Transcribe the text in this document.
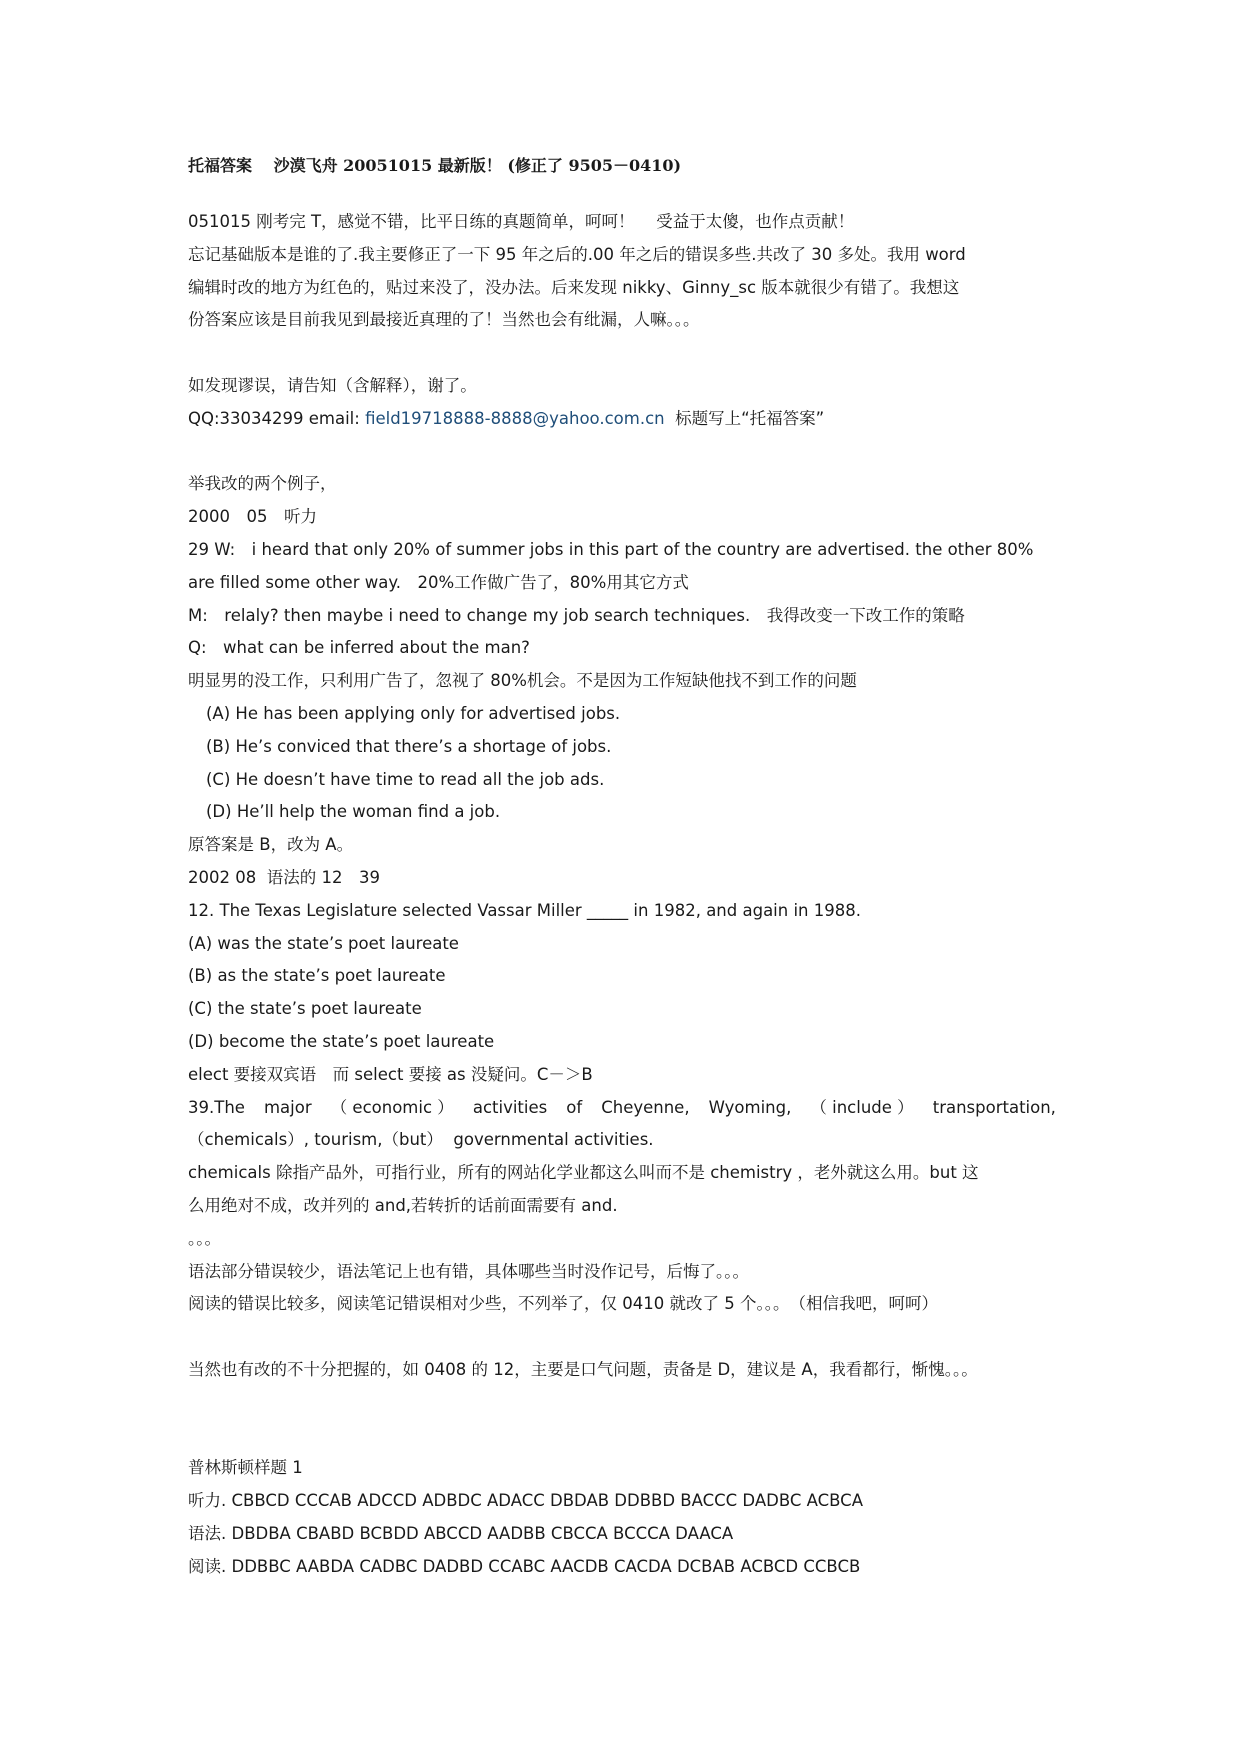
托福答案　 沙漠飞舟 20051015 最新版！ (修正了 9505－0410)
051015 刚考完 T，感觉不错，比平日练的真题简单，呵呵！　 受益于太傻，也作点贡献！
忘记基础版本是谁的了.我主要修正了一下 95 年之后的.00 年之后的错误多些.共改了 30 多处。我用 word
编辑时改的地方为红色的，贴过来没了，没办法。后来发现 nikky、Ginny_sc 版本就很少有错了。我想这
份答案应该是目前我见到最接近真理的了！当然也会有纰漏，人嘛。。。
如发现谬误，请告知（含解释），谢了。
QQ:33034299 email: field19718888-8888@yahoo.com.cn  标题写上“托福答案”
举我改的两个例子，
2000　05　听力
29 W:　i heard that only 20% of summer jobs in this part of the country are advertised. the other 80%
are filled some other way.　20%工作做广告了，80%用其它方式
M:　relaly? then maybe i need to change my job search techniques.　我得改变一下改工作的策略
Q:　what can be inferred about the man?
明显男的没工作，只利用广告了，忽视了 80%机会。不是因为工作短缺他找不到工作的问题
(A) He has been applying only for advertised jobs.
(B) He’s conviced that there’s a shortage of jobs.
(C) He doesn’t have time to read all the job ads.
(D) He’ll help the woman find a job.
原答案是 B，改为 A。
2002 08  语法的 12　39
12. The Texas Legislature selected Vassar Miller _____ in 1982, and again in 1988.
(A) was the state’s poet laureate
(B) as the state’s poet laureate
(C) the state’s poet laureate
(D) become the state’s poet laureate
elect 要接双宾语　而 select 要接 as 没疑问。C－＞B
39.The major （ economic ） activities of Cheyenne, Wyoming, （ include ） transportation,
（chemicals）, tourism,（but）  governmental activities.
chemicals 除指产品外，可指行业，所有的网站化学业都这么叫而不是 chemistry ，老外就这么用。but 这
么用绝对不成，改并列的 and,若转折的话前面需要有 and.
。。。
语法部分错误较少，语法笔记上也有错，具体哪些当时没作记号，后悔了。。。
阅读的错误比较多，阅读笔记错误相对少些，不列举了，仅 0410 就改了 5 个。。。　（相信我吧，呵呵）
当然也有改的不十分把握的，如 0408 的 12，主要是口气问题，责备是 D，建议是 A，我看都行，惭愧。。。
普林斯顿样题 1
听力. CBBCD CCCAB ADCCD ADBDC ADACC DBDAB DDBBD BACCC DADBC ACBCA
语法. DBDBA CBABD BCBDD ABCCD AADBB CBCCA BCCCA DAACA
阅读. DDBBC AABDA CADBC DADBD CCABC AACDB CACDA DCBAB ACBCD CCBCB
